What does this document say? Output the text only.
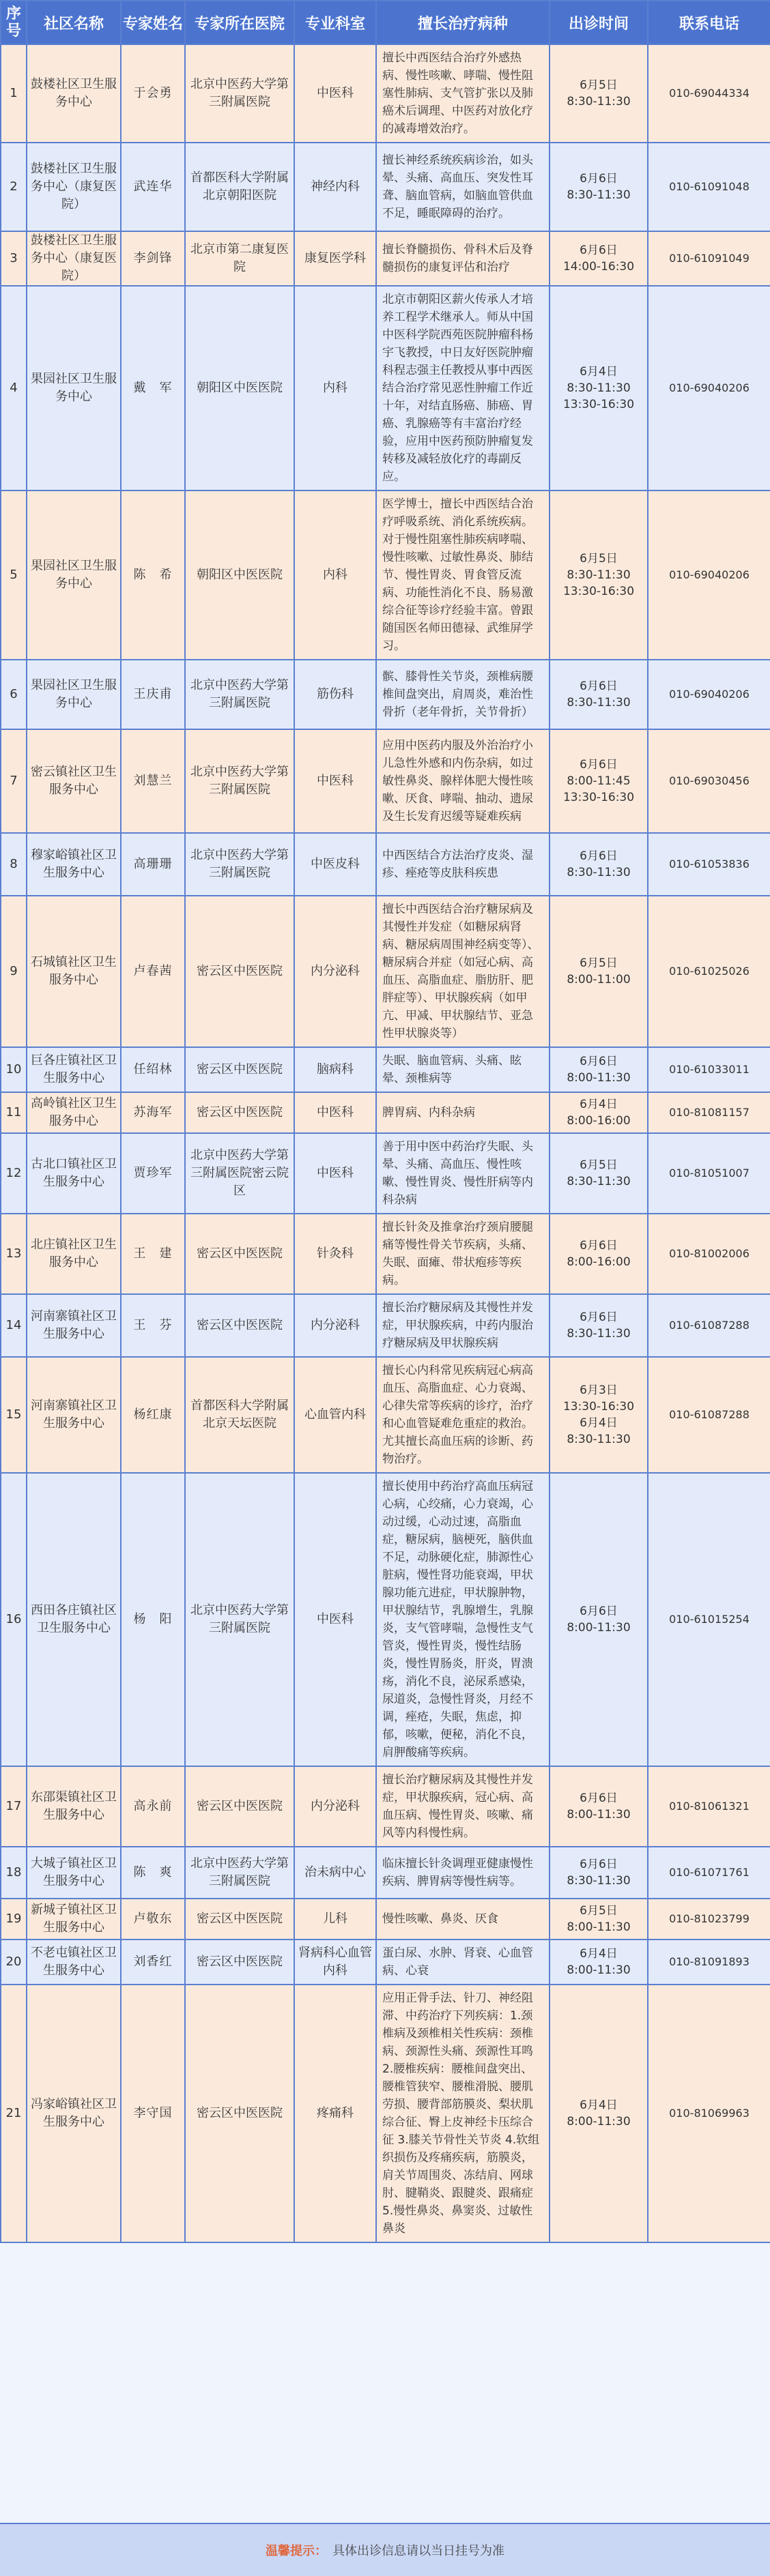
序号	社区名称	专家姓名	专家所在医院	专业科室	擅长治疗病种	出诊时间	联系电话
1	鼓楼社区卫生服务中心	于会勇	北京中医药大学第三附属医院	中医科	擅长中西医结合治疗外感热病、慢性咳嗽、哮喘、慢性阻塞性肺病、支气管扩张以及肺癌术后调理、中医药对放化疗的减毒增效治疗。	6月5日
8:30-11:30	010-69044334
2	鼓楼社区卫生服务中心（康复医院）	武连华	首都医科大学附属北京朝阳医院	神经内科	擅长神经系统疾病诊治，如头晕、头痛、高血压、突发性耳聋、脑血管病，如脑血管供血不足，睡眠障碍的治疗。	6月6日
8:30-11:30	010-61091048
3	鼓楼社区卫生服务中心（康复医院）	李剑锋	北京市第二康复医院	康复医学科	擅长脊髓损伤、骨科术后及脊髓损伤的康复评估和治疗	6月6日
14:00-16:30	010-61091049
4	果园社区卫生服务中心	戴　军	朝阳区中医医院	内科	北京市朝阳区薪火传承人才培养工程学术继承人。师从中国中医科学院西苑医院肿瘤科杨宇飞教授，中日友好医院肿瘤科程志强主任教授从事中西医结合治疗常见恶性肿瘤工作近十年，对结直肠癌、肺癌、胃癌、乳腺癌等有丰富治疗经验，应用中医药预防肿瘤复发转移及减轻放化疗的毒副反应。	6月4日
8:30-11:30
13:30-16:30	010-69040206
5	果园社区卫生服务中心	陈　希	朝阳区中医医院	内科	医学博士，擅长中西医结合治疗呼吸系统、消化系统疾病。对于慢性阻塞性肺疾病哮喘、慢性咳嗽、过敏性鼻炎、肺结节、慢性胃炎、胃食管反流病、功能性消化不良、肠易激综合征等诊疗经验丰富。曾跟随国医名师田德禄、武维屏学习。	6月5日
8:30-11:30
13:30-16:30	010-69040206
6	果园社区卫生服务中心	王庆甫	北京中医药大学第三附属医院	筋伤科	髌、膝骨性关节炎，颈椎病腰椎间盘突出，肩周炎，难治性骨折（老年骨折，关节骨折）	6月6日
8:30-11:30	010-69040206
7	密云镇社区卫生服务中心	刘慧兰	北京中医药大学第三附属医院	中医科	应用中医药内服及外治治疗小儿急性外感和内伤杂病，如过敏性鼻炎、腺样体肥大慢性咳嗽、厌食、哮喘、抽动、遗尿及生长发育迟缓等疑难疾病	6月6日
8:00-11:45
13:30-16:30	010-69030456
8	穆家峪镇社区卫生服务中心	高珊珊	北京中医药大学第三附属医院	中医皮科	中西医结合方法治疗皮炎、湿疹、痤疮等皮肤科疾患	6月6日
8:30-11:30	010-61053836
9	石城镇社区卫生服务中心	卢春茜	密云区中医医院	内分泌科	擅长中西医结合治疗糖尿病及其慢性并发症（如糖尿病肾病、糖尿病周围神经病变等）、糖尿病合并症（如冠心病、高血压、高脂血症、脂肪肝、肥胖症等）、甲状腺疾病（如甲亢、甲减、甲状腺结节、亚急性甲状腺炎等）	6月5日
8:00-11:00	010-61025026
10	巨各庄镇社区卫生服务中心	任绍林	密云区中医医院	脑病科	失眠、脑血管病、头痛、眩晕、颈椎病等	6月6日
8:00-11:30	010-61033011
11	高岭镇社区卫生服务中心	苏海军	密云区中医医院	中医科	脾胃病、内科杂病	6月4日
8:00-16:00	010-81081157
12	古北口镇社区卫生服务中心	贾珍军	北京中医药大学第三附属医院密云院区	中医科	善于用中医中药治疗失眠、头晕、头痛、高血压、慢性咳嗽、慢性胃炎、慢性肝病等内科杂病	6月5日
8:30-11:30	010-81051007
13	北庄镇社区卫生服务中心	王　建	密云区中医医院	针灸科	擅长针灸及推拿治疗颈肩腰腿痛等慢性骨关节疾病，头痛、失眠、面瘫、带状疱疹等疾病。	6月6日
8:00-16:00	010-81002006
14	河南寨镇社区卫生服务中心	王　芬	密云区中医医院	内分泌科	擅长治疗糖尿病及其慢性并发症，甲状腺疾病，中药内服治疗糖尿病及甲状腺疾病	6月6日
8:30-11:30	010-61087288
15	河南寨镇社区卫生服务中心	杨红康	首都医科大学附属北京天坛医院	心血管内科	擅长心内科常见疾病冠心病高血压、高脂血症、心力衰竭、心律失常等疾病的诊疗，治疗和心血管疑难危重症的救治。尤其擅长高血压病的诊断、药物治疗。	6月3日
13:30-16:30
6月4日
8:30-11:30	010-61087288
16	西田各庄镇社区卫生服务中心	杨　阳	北京中医药大学第三附属医院	中医科	擅长使用中药治疗高血压病冠心病，心绞痛，心力衰竭，心动过缓，心动过速，高脂血症，糖尿病，脑梗死，脑供血不足，动脉硬化症，肺源性心脏病，慢性肾功能衰竭，甲状腺功能亢进症，甲状腺肿物，甲状腺结节，乳腺增生，乳腺炎，支气管哮喘，急慢性支气管炎，慢性胃炎，慢性结肠炎，慢性胃肠炎，肝炎，胃溃疡，消化不良，泌尿系感染，尿道炎，急慢性肾炎，月经不调，痤疮，失眠，焦虑，抑郁，咳嗽，便秘，消化不良，肩胛酸痛等疾病。	6月6日
8:00-11:30	010-61015254
17	东邵渠镇社区卫生服务中心	高永前	密云区中医医院	内分泌科	擅长治疗糖尿病及其慢性并发症，甲状腺疾病，冠心病、高血压病、慢性胃炎、咳嗽、痛风等内科慢性病。	6月6日
8:00-11:30	010-81061321
18	大城子镇社区卫生服务中心	陈　爽	北京中医药大学第三附属医院	治未病中心	临床擅长针灸调理亚健康慢性疾病、脾胃病等慢性病等。	6月6日
8:30-11:30	010-61071761
19	新城子镇社区卫生服务中心	卢敬东	密云区中医医院	儿科	慢性咳嗽、鼻炎、厌食	6月5日
8:00-11:30	010-81023799
20	不老屯镇社区卫生服务中心	刘香红	密云区中医医院	肾病科心血管内科	蛋白尿、水肿、肾衰、心血管病、心衰	6月4日
8:00-11:30	010-81091893
21	冯家峪镇社区卫生服务中心	李守国	密云区中医医院	疼痛科	应用正骨手法、针刀、神经阻滞、中药治疗下列疾病：1.颈椎病及颈椎相关性疾病：颈椎病、颈源性头痛、颈源性耳鸣 2.腰椎疾病：腰椎间盘突出、腰椎管狭窄、腰椎滑脱、腰肌劳损、腰背部筋膜炎、梨状肌综合征、臀上皮神经卡压综合征 3.膝关节骨性关节炎 4.软组织损伤及疼痛疾病，筋膜炎，肩关节周围炎、冻结肩、网球肘、腱鞘炎、跟腱炎、跟痛症 5.慢性鼻炎、鼻窦炎、过敏性鼻炎	6月4日
8:00-11:30	010-81069963
温馨提示： 具体出诊信息请以当日挂号为准
